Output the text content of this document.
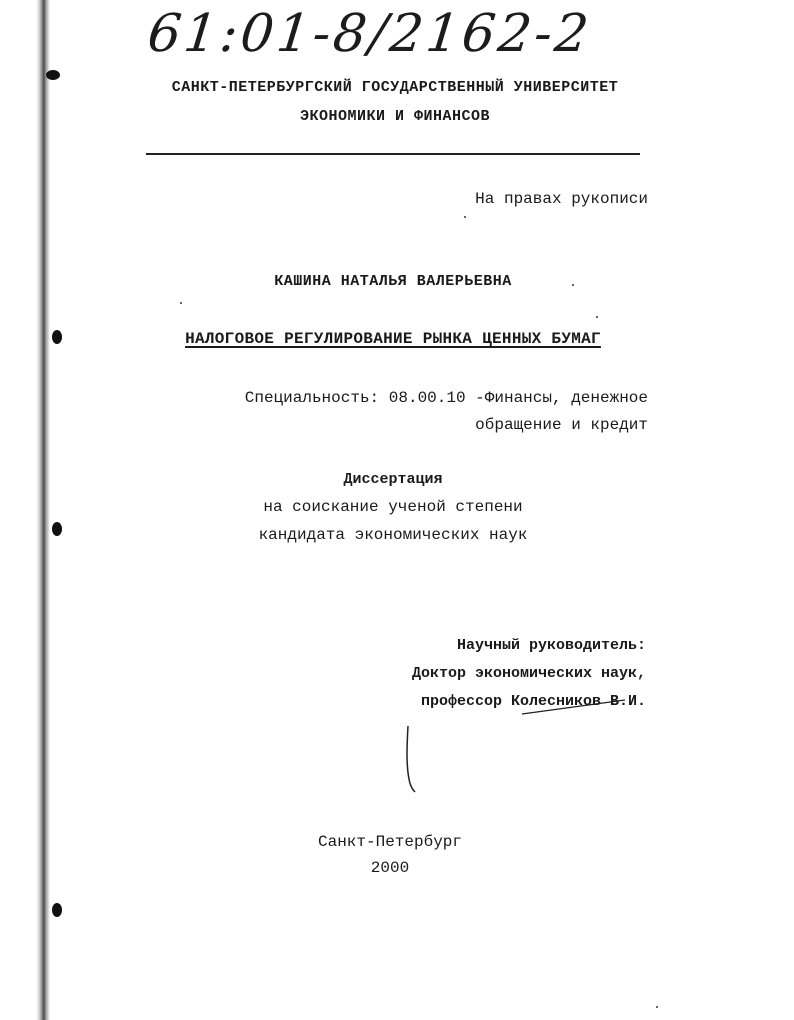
61:01-8/2162-2
САНКТ-ПЕТЕРБУРГСКИЙ ГОСУДАРСТВЕННЫЙ УНИВЕРСИТЕТ
ЭКОНОМИКИ И ФИНАНСОВ
На правах рукописи
КАШИНА НАТАЛЬЯ ВАЛЕРЬЕВНА
НАЛОГОВОЕ РЕГУЛИРОВАНИЕ РЫНКА ЦЕННЫХ БУМАГ
Специальность: 08.00.10 -Финансы, денежное
обращение и кредит
Диссертация
на соискание ученой степени
кандидата экономических наук
Научный руководитель:
Доктор экономических наук,
профессор Колесников В.И.
Санкт-Петербург
2000
